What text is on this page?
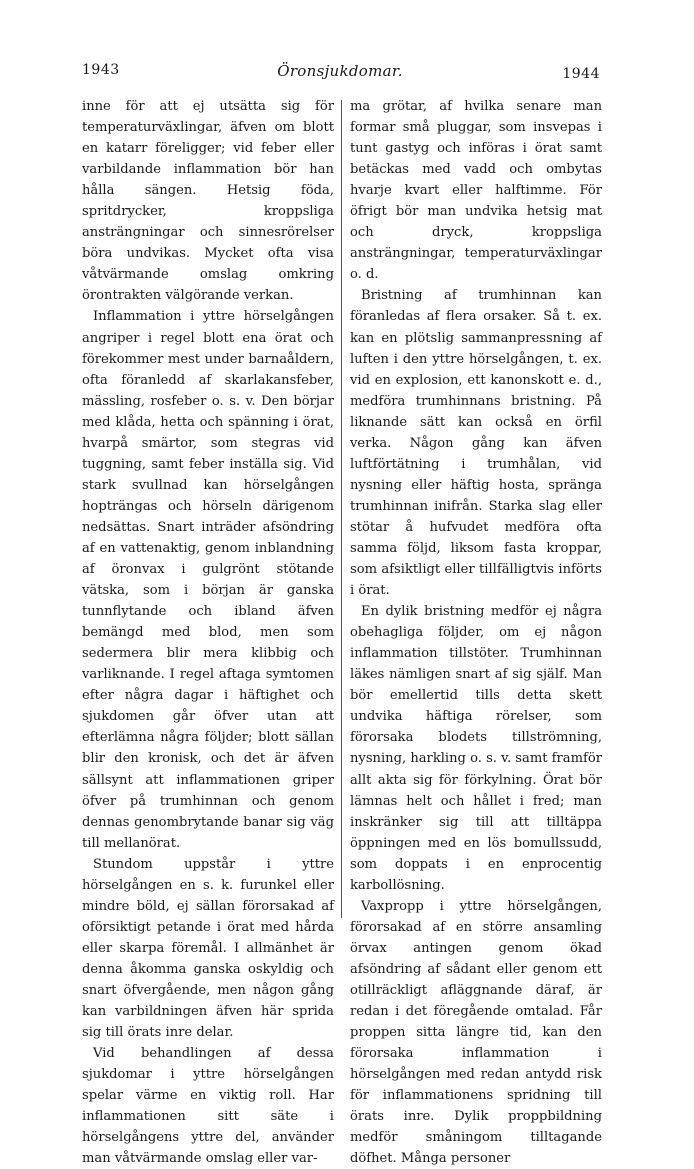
1943	Öronsjukdomar.	1944

inne för att ej utsätta sig för temperaturväxlingar, äfven om blott en katarr föreligger; vid feber eller varbildande inflammation bör han hålla sängen. Hetsig föda, spritdrycker, kroppsliga ansträngningar och sinnesrörelser böra undvikas. Mycket ofta visa våtvärmande omslag omkring örontrakten välgörande verkan.

Inflammation i yttre hörselgången angriper i regel blott ena örat och förekommer mest under barnaåldern, ofta föranledd af skarlakansfeber, mässling, rosfeber o. s. v. Den börjar med klåda, hetta och spänning i örat, hvarpå smärtor, som stegras vid tuggning, samt feber inställa sig. Vid stark svullnad kan hörselgången hopträngas och hörseln därigenom nedsättas. Snart inträder afsöndring af en vattenaktig, genom inblandning af öronvax i gulgrönt stötande vätska, som i början är ganska tunnflytande och ibland äfven bemängd med blod, men som sedermera blir mera klibbig och varliknande. I regel aftaga symtomen efter några dagar i häftighet och sjukdomen går öfver utan att efterlämna några följder; blott sällan blir den kronisk, och det är äfven sällsynt att inflammationen griper öfver på trumhinnan och genom dennas genombrytande banar sig väg till mellanörat.

Stundom uppstår i yttre hörselgången en s. k. furunkel eller mindre böld, ej sällan förorsakad af oförsiktigt petande i örat med hårda eller skarpa föremål. I allmänhet är denna åkomma ganska oskyldig och snart öfvergående, men någon gång kan varbildningen äfven här sprida sig till örats inre delar.

Vid behandlingen af dessa sjukdomar i yttre hörselgången spelar värme en viktig roll. Har inflammationen sitt säte i hörselgångens yttre del, använder man våtvärmande omslag eller var-

ma grötar, af hvilka senare man formar små pluggar, som insvepas i tunt gastyg och införas i örat samt betäckas med vadd och ombytas hvarje kvart eller halftimme. För öfrigt bör man undvika hetsig mat och dryck, kroppsliga ansträngningar, temperaturväxlingar o. d.

Bristning af trumhinnan kan föranledas af flera orsaker. Så t. ex. kan en plötslig sammanpressning af luften i den yttre hörselgången, t. ex. vid en explosion, ett kanonskott e. d., medföra trumhinnans bristning. På liknande sätt kan också en örfil verka. Någon gång kan äfven luftförtätning i trumhålan, vid nysning eller häftig hosta, spränga trumhinnan inifrån. Starka slag eller stötar å hufvudet medföra ofta samma följd, liksom fasta kroppar, som afsiktligt eller tillfälligtvis införts i örat.

En dylik bristning medför ej några obehagliga följder, om ej någon inflammation tillstöter. Trumhinnan läkes nämligen snart af sig själf. Man bör emellertid tills detta skett undvika häftiga rörelser, som förorsaka blodets tillströmning, nysning, harkling o. s. v. samt framför allt akta sig för förkylning. Örat bör lämnas helt och hållet i fred; man inskränker sig till att tilltäppa öppningen med en lös bomullssudd, som doppats i en enprocentig karbollösning.

Vaxpropp i yttre hörselgången, förorsakad af en större ansamling örvax antingen genom ökad afsöndring af sådant eller genom ett otillräckligt afläggnande däraf, är redan i det föregående omtalad. Får proppen sitta längre tid, kan den förorsaka inflammation i hörselgången med redan antydd risk för inflammationens spridning till örats inre. Dylik proppbildning medför småningom tilltagande döfhet. Många personer
